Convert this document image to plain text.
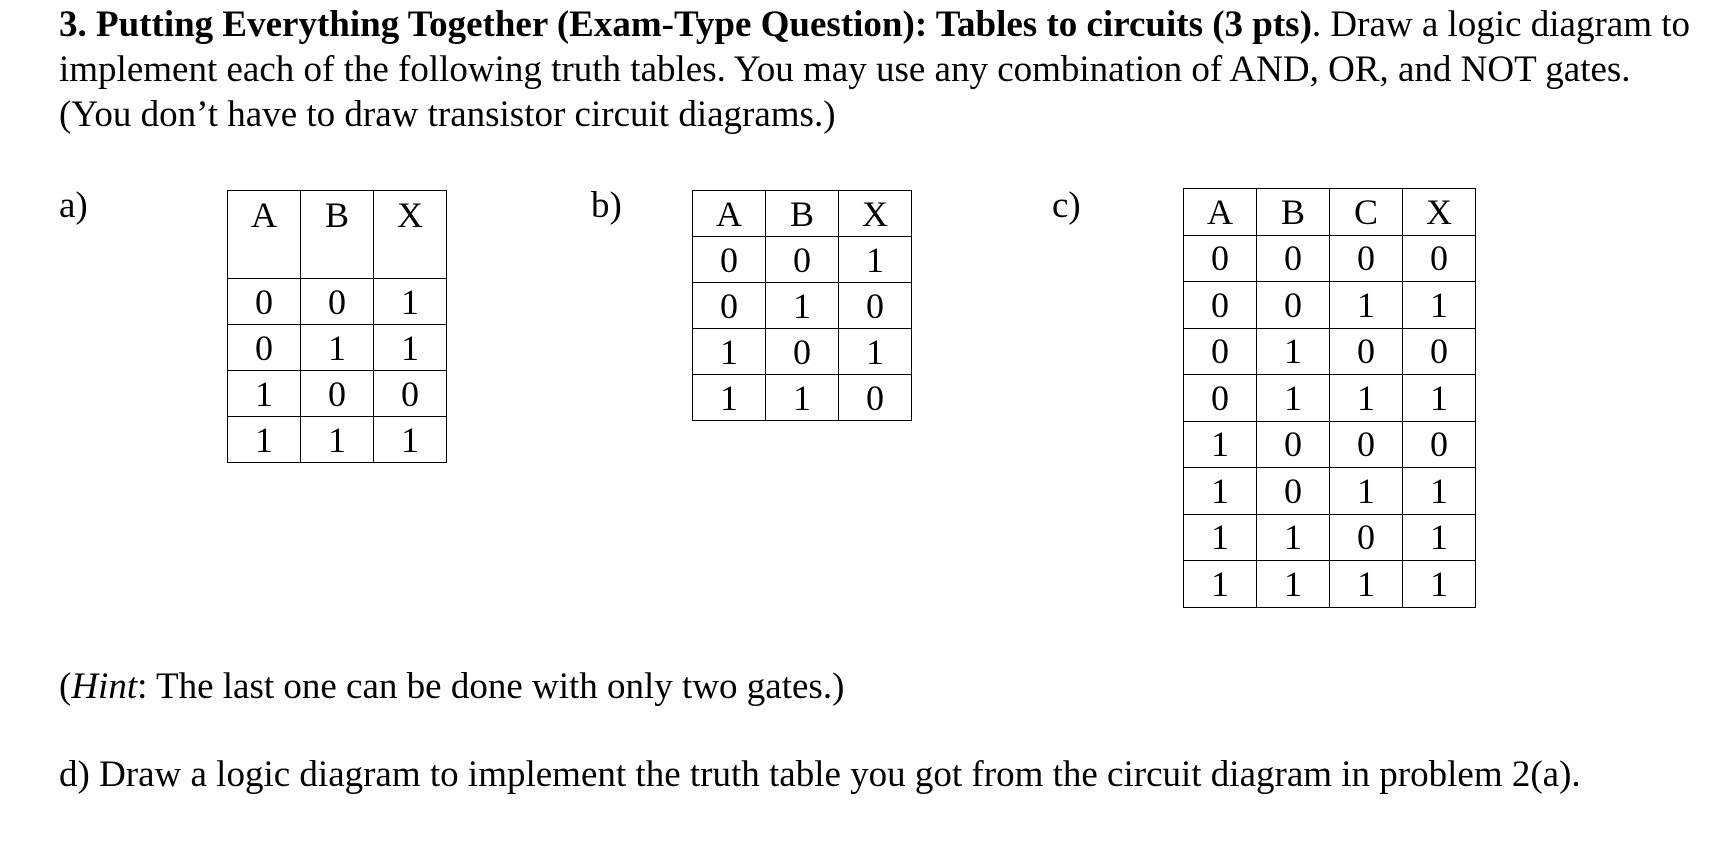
3. Putting Everything Together (Exam-Type Question): Tables to circuits (3 pts). Draw a logic diagram to implement each of the following truth tables. You may use any combination of AND, OR, and NOT gates. (You don’t have to draw transistor circuit diagrams.)
a)	A	B	X
0	0	1
0	1	1
1	0	0
1	1	1
b)	A	B	X
0	0	1
0	1	0
1	0	1
1	1	0
c)	A	B	C	X
0	0	0	0
0	0	1	1
0	1	0	0
0	1	1	1
1	0	0	0
1	0	1	1
1	1	0	1
1	1	1	1
(Hint: The last one can be done with only two gates.)
d) Draw a logic diagram to implement the truth table you got from the circuit diagram in problem 2(a).
